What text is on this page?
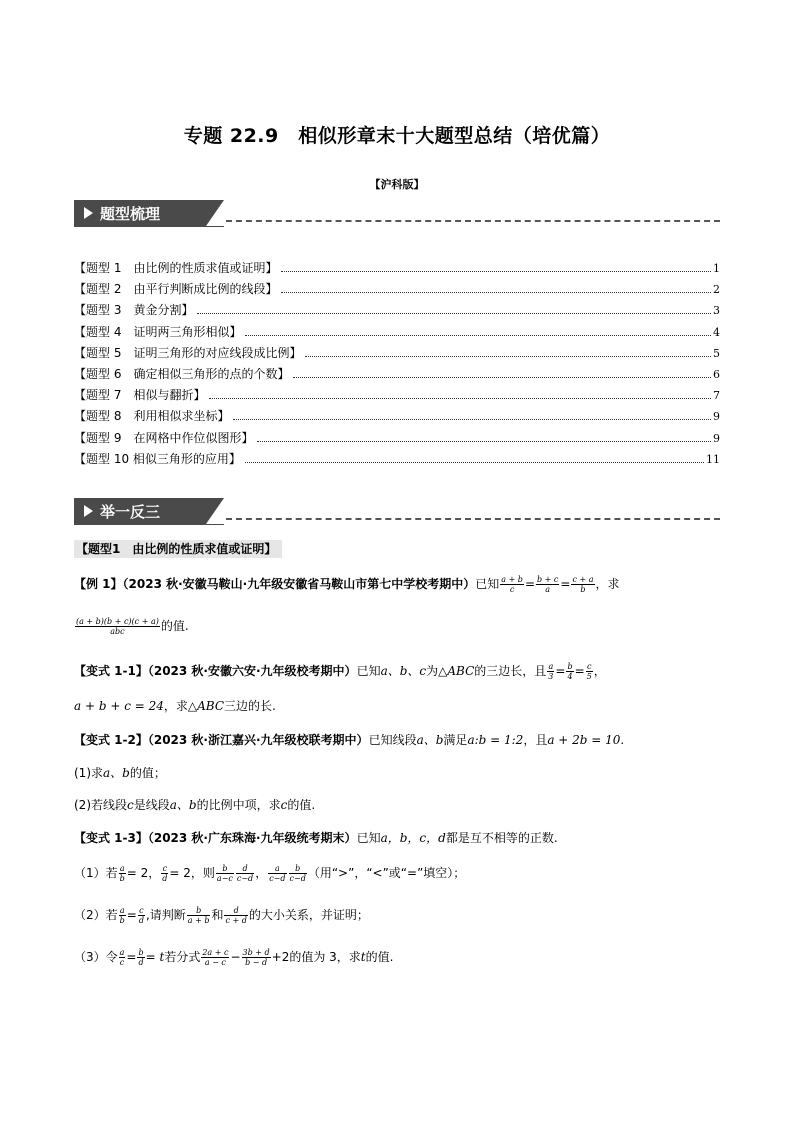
专题 22.9　相似形章末十大题型总结（培优篇）
【沪科版】
题型梳理
【题型 1　由比例的性质求值或证明】	1
【题型 2　由平行判断成比例的线段】	2
【题型 3　黄金分割】	3
【题型 4　证明两三角形相似】	4
【题型 5　证明三角形的对应线段成比例】	5
【题型 6　确定相似三角形的点的个数】	6
【题型 7　相似与翻折】	7
【题型 8　利用相似求坐标】	9
【题型 9　在网格中作位似图形】	9
【题型 10 相似三角形的应用】	11
举一反三
【题型1　由比例的性质求值或证明】
【例 1】（2023 秋·安徽马鞍山·九年级安徽省马鞍山市第七中学校考期中）已知 $\frac{a + b}{c} = \frac{b + c}{a} = \frac{c + a}{b}$ ，求
$\frac{(a + b)(b + c)(c + a)}{\text{abc}}$ 的值.
【变式 1-1】（2023 秋·安徽六安·九年级校考期中）已知a、b、c为△ABC的三边长，且 $\frac{a}{3} = \frac{b}{4} = \frac{c}{5}$ ，
a + b + c = 24，求△ABC三边的长.
【变式 1-2】（2023 秋·浙江嘉兴·九年级校联考期中）已知线段a、b满足a:b = 1:2，且a + 2b = 10.
(1)求a、b的值；
(2)若线段c是线段a、b的比例中项，求c的值.
【变式 1-3】（2023 秋·广东珠海·九年级统考期末）已知a，b，c，d都是互不相等的正数.
（1）若 $\frac{a}{b} = 2$， $\frac{c}{d} = 2$，则 $\frac{b}{a-c} \frac{d}{c-d}$ ， $\frac{a}{c-d} \frac{b}{c-d}$ （用“>”，“<”或“=”填空）；
（2）若 $\frac{a}{b} = \frac{c}{d}$ ,请判断 $\frac{b}{a + b}$ 和 $\frac{d}{c + d}$ 的大小关系，并证明；
（3）令 $\frac{a}{c} = \frac{b}{d} = t$若分式 $\frac{2a + c}{a - c} - \frac{3b + d}{b - d} +2$的值为 3，求t的值.
